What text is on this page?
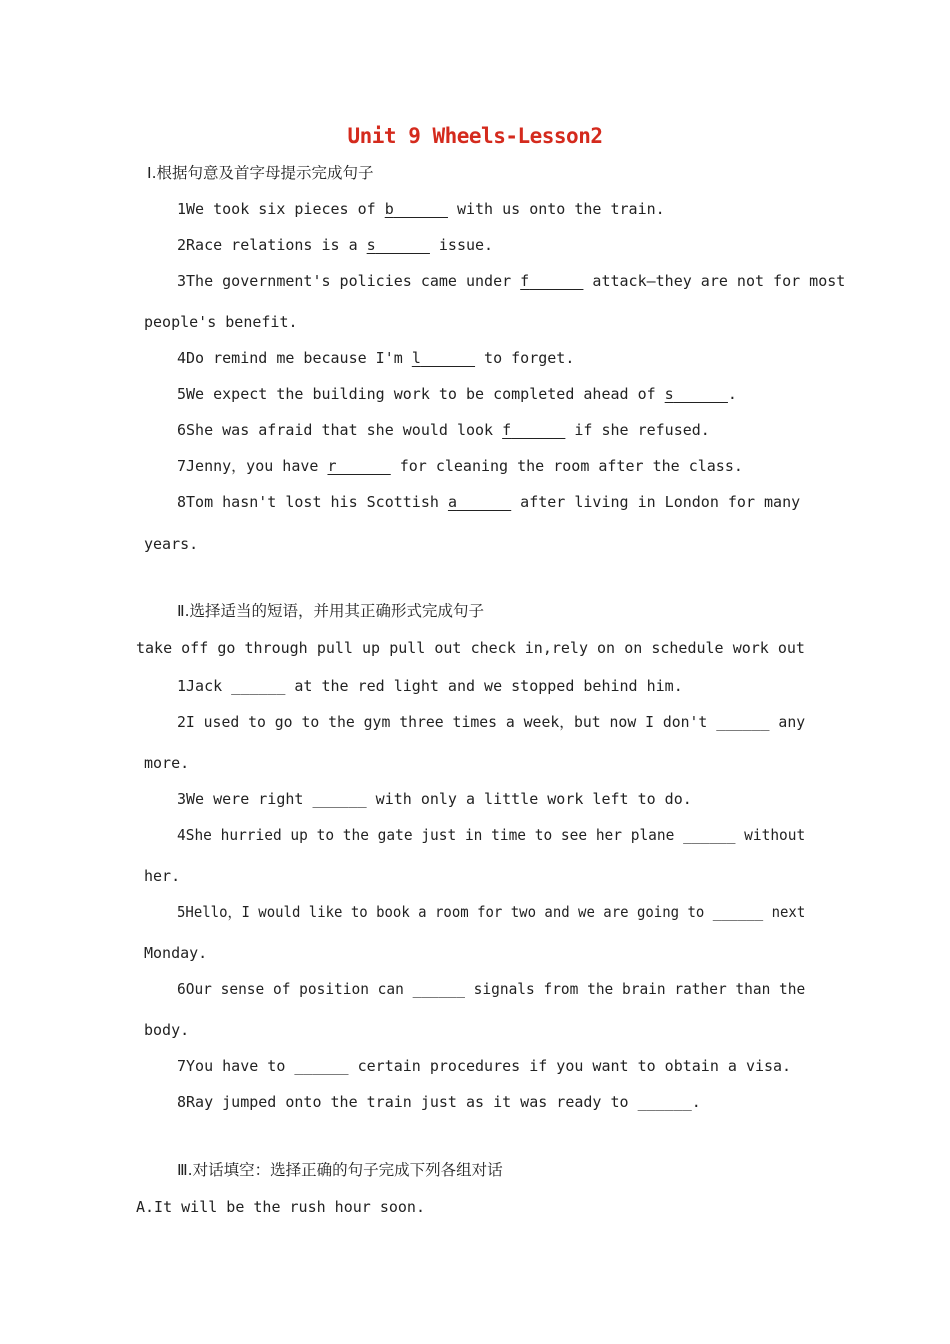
Unit 9 Wheels-Lesson2
Ⅰ.根据句意及首字母提示完成句子
1We took six pieces of b______ with us onto the train.
2Race relations is a s______ issue.
3The government's policies came under f______ attack—they are not for most
people's benefit.
4Do remind me because I'm l______ to forget.
5We expect the building work to be completed ahead of s______.
6She was afraid that she would look f______ if she refused.
7Jenny，you have r______ for cleaning the room after the class.
8Tom hasn't lost his Scottish a______ after living in London for many
years.
Ⅱ.选择适当的短语，并用其正确形式完成句子
take off go through pull up pull out check in,rely on on schedule work out
1Jack ______ at the red light and we stopped behind him.
2I used to go to the gym three times a week，but now I don't ______ any
more.
3We were right ______ with only a little work left to do.
4She hurried up to the gate just in time to see her plane ______ without
her.
5Hello，I would like to book a room for two and we are going to ______ next
Monday.
6Our sense of position can ______ signals from the brain rather than the
body.
7You have to ______ certain procedures if you want to obtain a visa.
8Ray jumped onto the train just as it was ready to ______.
Ⅲ.对话填空：选择正确的句子完成下列各组对话
A.It will be the rush hour soon.
